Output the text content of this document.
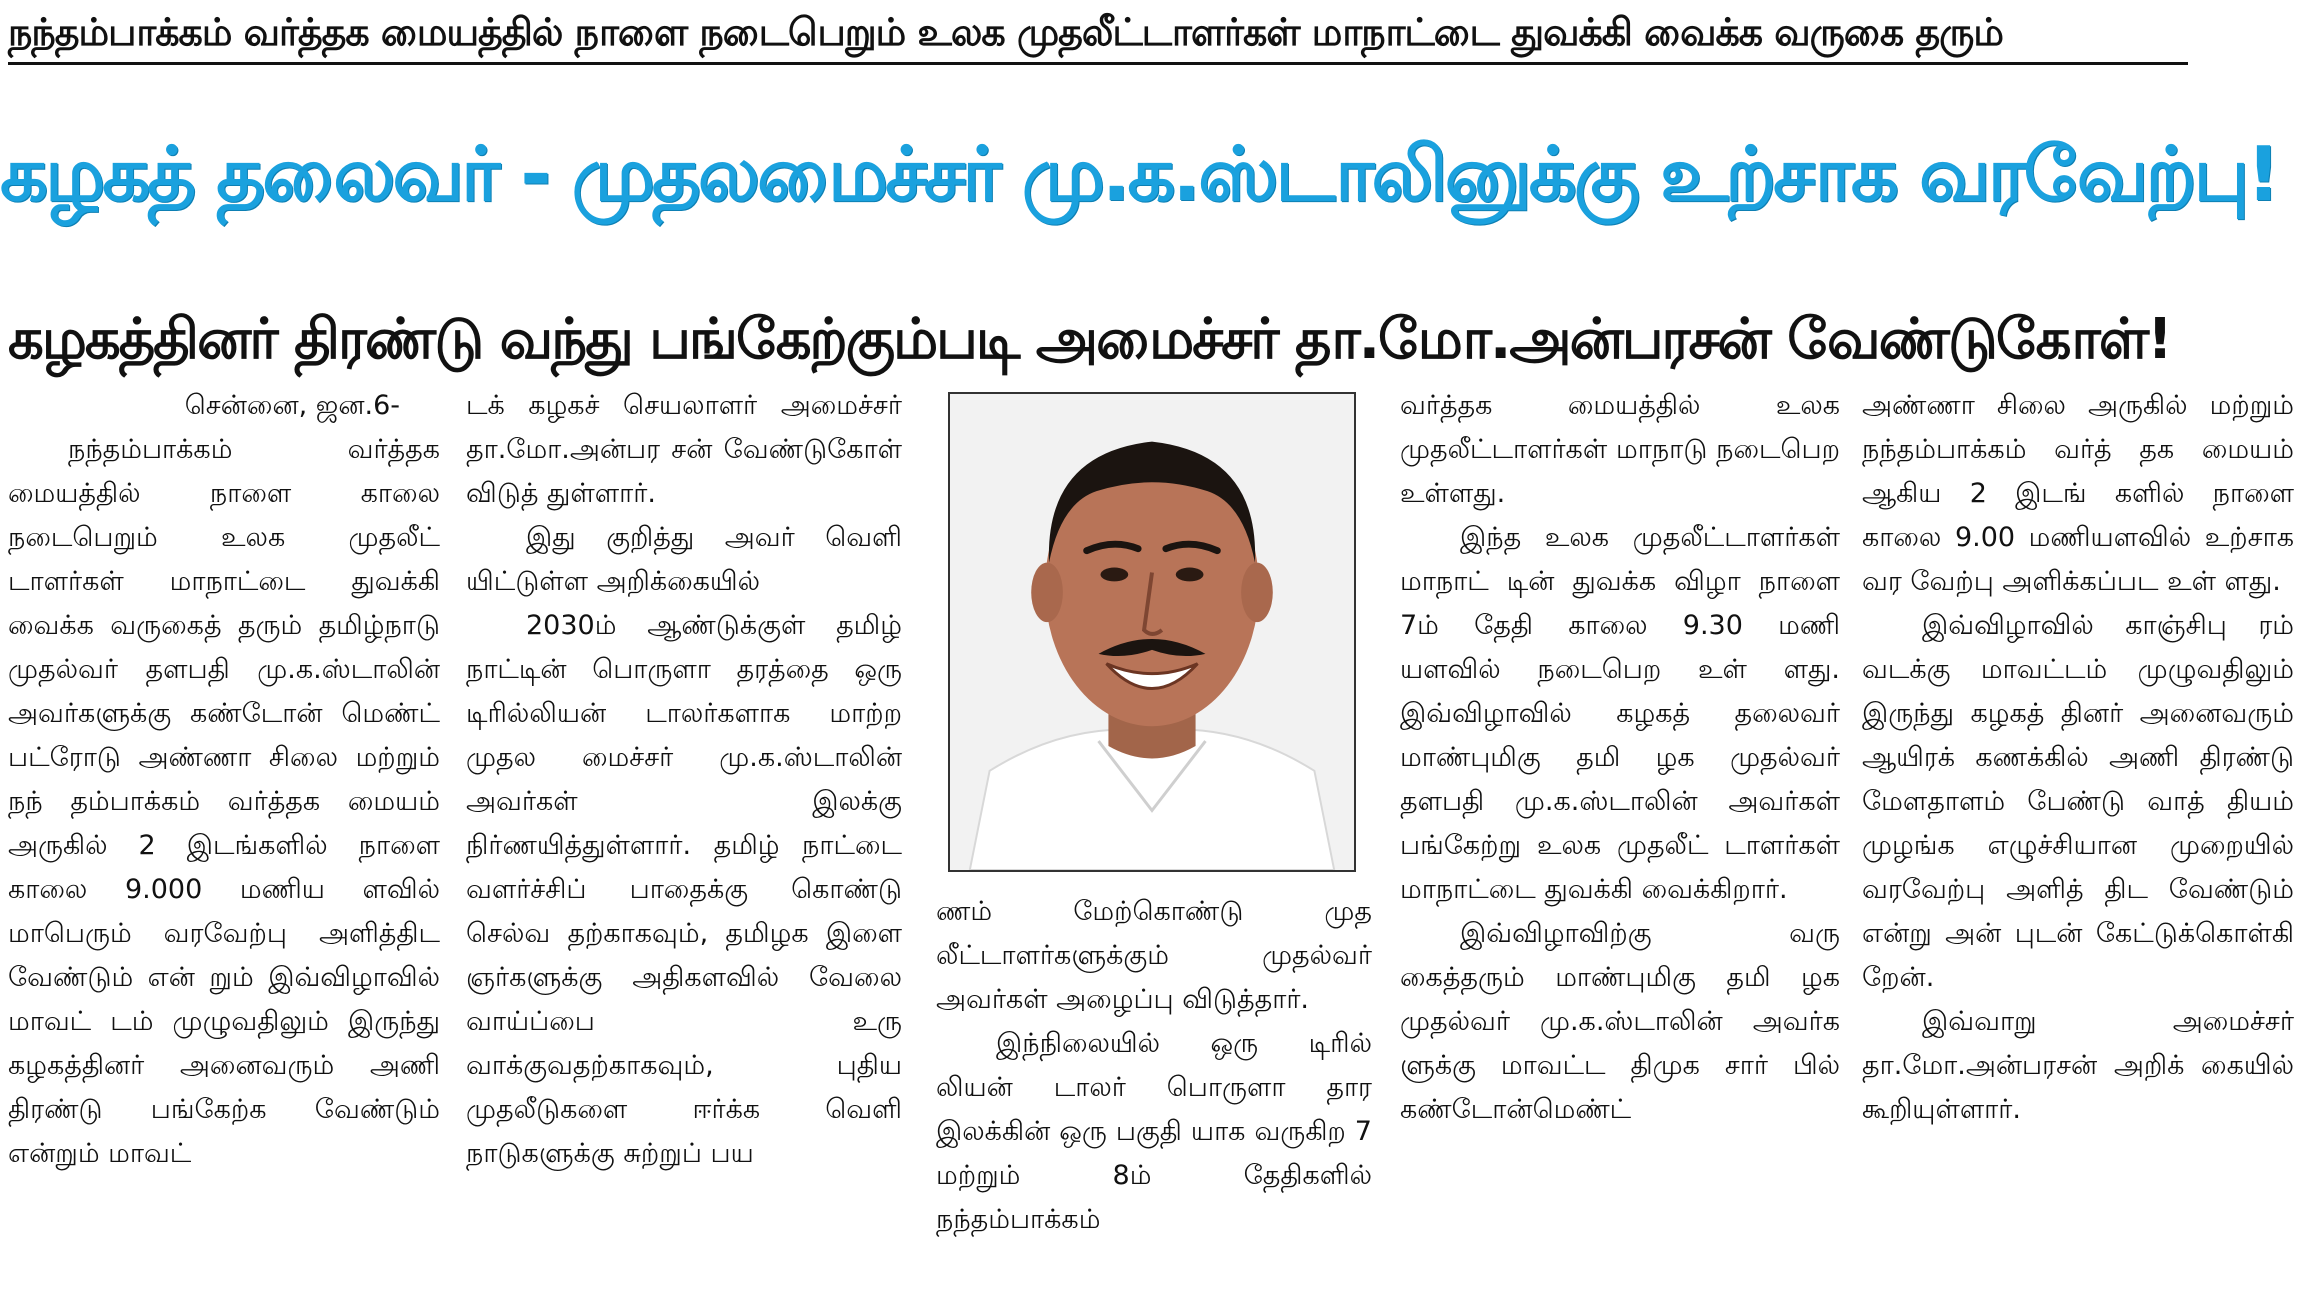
நந்தம்பாக்கம் வர்த்தக மையத்தில் நாளை நடைபெறும் உலக முதலீட்டாளர்கள் மாநாட்டை துவக்கி வைக்க வருகை தரும்
கழகத் தலைவர் - முதலமைச்சர் மு.க.ஸ்டாலினுக்கு உற்சாக வரவேற்பு!
கழகத்தினர் திரண்டு வந்து பங்கேற்கும்படி அமைச்சர் தா.மோ.அன்பரசன் வேண்டுகோள்!

சென்னை, ஜன.6-

நந்தம்பாக்கம் வர்த்தக மையத்தில் நாளை காலை நடைபெறும் உலக முதலீட் டாளர்கள் மாநாட்டை துவக்கி வைக்க வருகைத் தரும் தமிழ்நாடு முதல்வர் தளபதி மு.க.ஸ்டாலின் அவர்களுக்கு கண்டோன் மெண்ட் பட்ரோடு அண்ணா சிலை மற்றும் நந் தம்பாக்கம் வர்த்தக மையம் அருகில் 2 இடங்களில் நாளை காலை 9.000 மணிய ளவில் மாபெரும் வரவேற்பு அளித்திட வேண்டும் என் றும் இவ்விழாவில் மாவட் டம் முழுவதிலும் இருந்து கழகத்தினர் அனைவரும் அணி திரண்டு பங்கேற்க வேண்டும் என்றும் மாவட்

டக் கழகச் செயலாளர் அமைச்சர் தா.மோ.அன்பர சன் வேண்டுகோள் விடுத் துள்ளார்.

இது குறித்து அவர் வெளி யிட்டுள்ள அறிக்கையில்

2030ம் ஆண்டுக்குள் தமிழ் நாட்டின் பொருளா தரத்தை ஒரு டிரில்லியன் டாலர்களாக மாற்ற முதல மைச்சர் மு.க.ஸ்டாலின் அவர்கள் இலக்கு நிர்ணயித்துள்ளார். தமிழ் நாட்டை வளர்ச்சிப் பாதைக்கு கொண்டு செல்வ தற்காகவும், தமிழக இளை ஞர்களுக்கு அதிகளவில் வேலை வாய்ப்பை உரு வாக்குவதற்காகவும், புதிய முதலீடுகளை ஈர்க்க வெளி நாடுகளுக்கு சுற்றுப் பய

ணம் மேற்கொண்டு முத லீட்டாளர்களுக்கும் முதல்வர் அவர்கள் அழைப்பு விடுத்தார்.

இந்நிலையில் ஒரு டிரில் லியன் டாலர் பொருளா தார இலக்கின் ஒரு பகுதி யாக வருகிற 7 மற்றும் 8ம் தேதிகளில் நந்தம்பாக்கம்

வர்த்தக மையத்தில் உலக முதலீட்டாளர்கள் மாநாடு நடைபெற உள்ளது.

இந்த உலக முதலீட்டாளர்கள் மாநாட் டின் துவக்க விழா நாளை 7ம் தேதி காலை 9.30 மணி யளவில் நடைபெற உள் ளது. இவ்விழாவில் கழகத் தலைவர் மாண்புமிகு தமி ழக முதல்வர் தளபதி மு.க.ஸ்டாலின் அவர்கள் பங்கேற்று உலக முதலீட் டாளர்கள் மாநாட்டை துவக்கி வைக்கிறார்.

இவ்விழாவிற்கு வரு கைத்தரும் மாண்புமிகு தமி ழக முதல்வர் மு.க.ஸ்டாலின் அவர்க ளுக்கு மாவட்ட திமுக சார் பில் கண்டோன்மெண்ட்

அண்ணா சிலை அருகில் மற்றும் நந்தம்பாக்கம் வர்த் தக மையம் ஆகிய 2 இடங் களில் நாளை காலை 9.00 மணியளவில் உற்சாக வர வேற்பு அளிக்கப்பட உள் ளது.

இவ்விழாவில் காஞ்சிபு ரம் வடக்கு மாவட்டம் முழுவதிலும் இருந்து கழகத் தினர் அனைவரும் ஆயிரக் கணக்கில் அணி திரண்டு மேளதாளம் பேண்டு வாத் தியம் முழங்க எழுச்சியான முறையில் வரவேற்பு அளித் திட வேண்டும் என்று அன் புடன் கேட்டுக்கொள்கி றேன்.

இவ்வாறு அமைச்சர் தா.மோ.அன்பரசன் அறிக் கையில் கூறியுள்ளார்.
